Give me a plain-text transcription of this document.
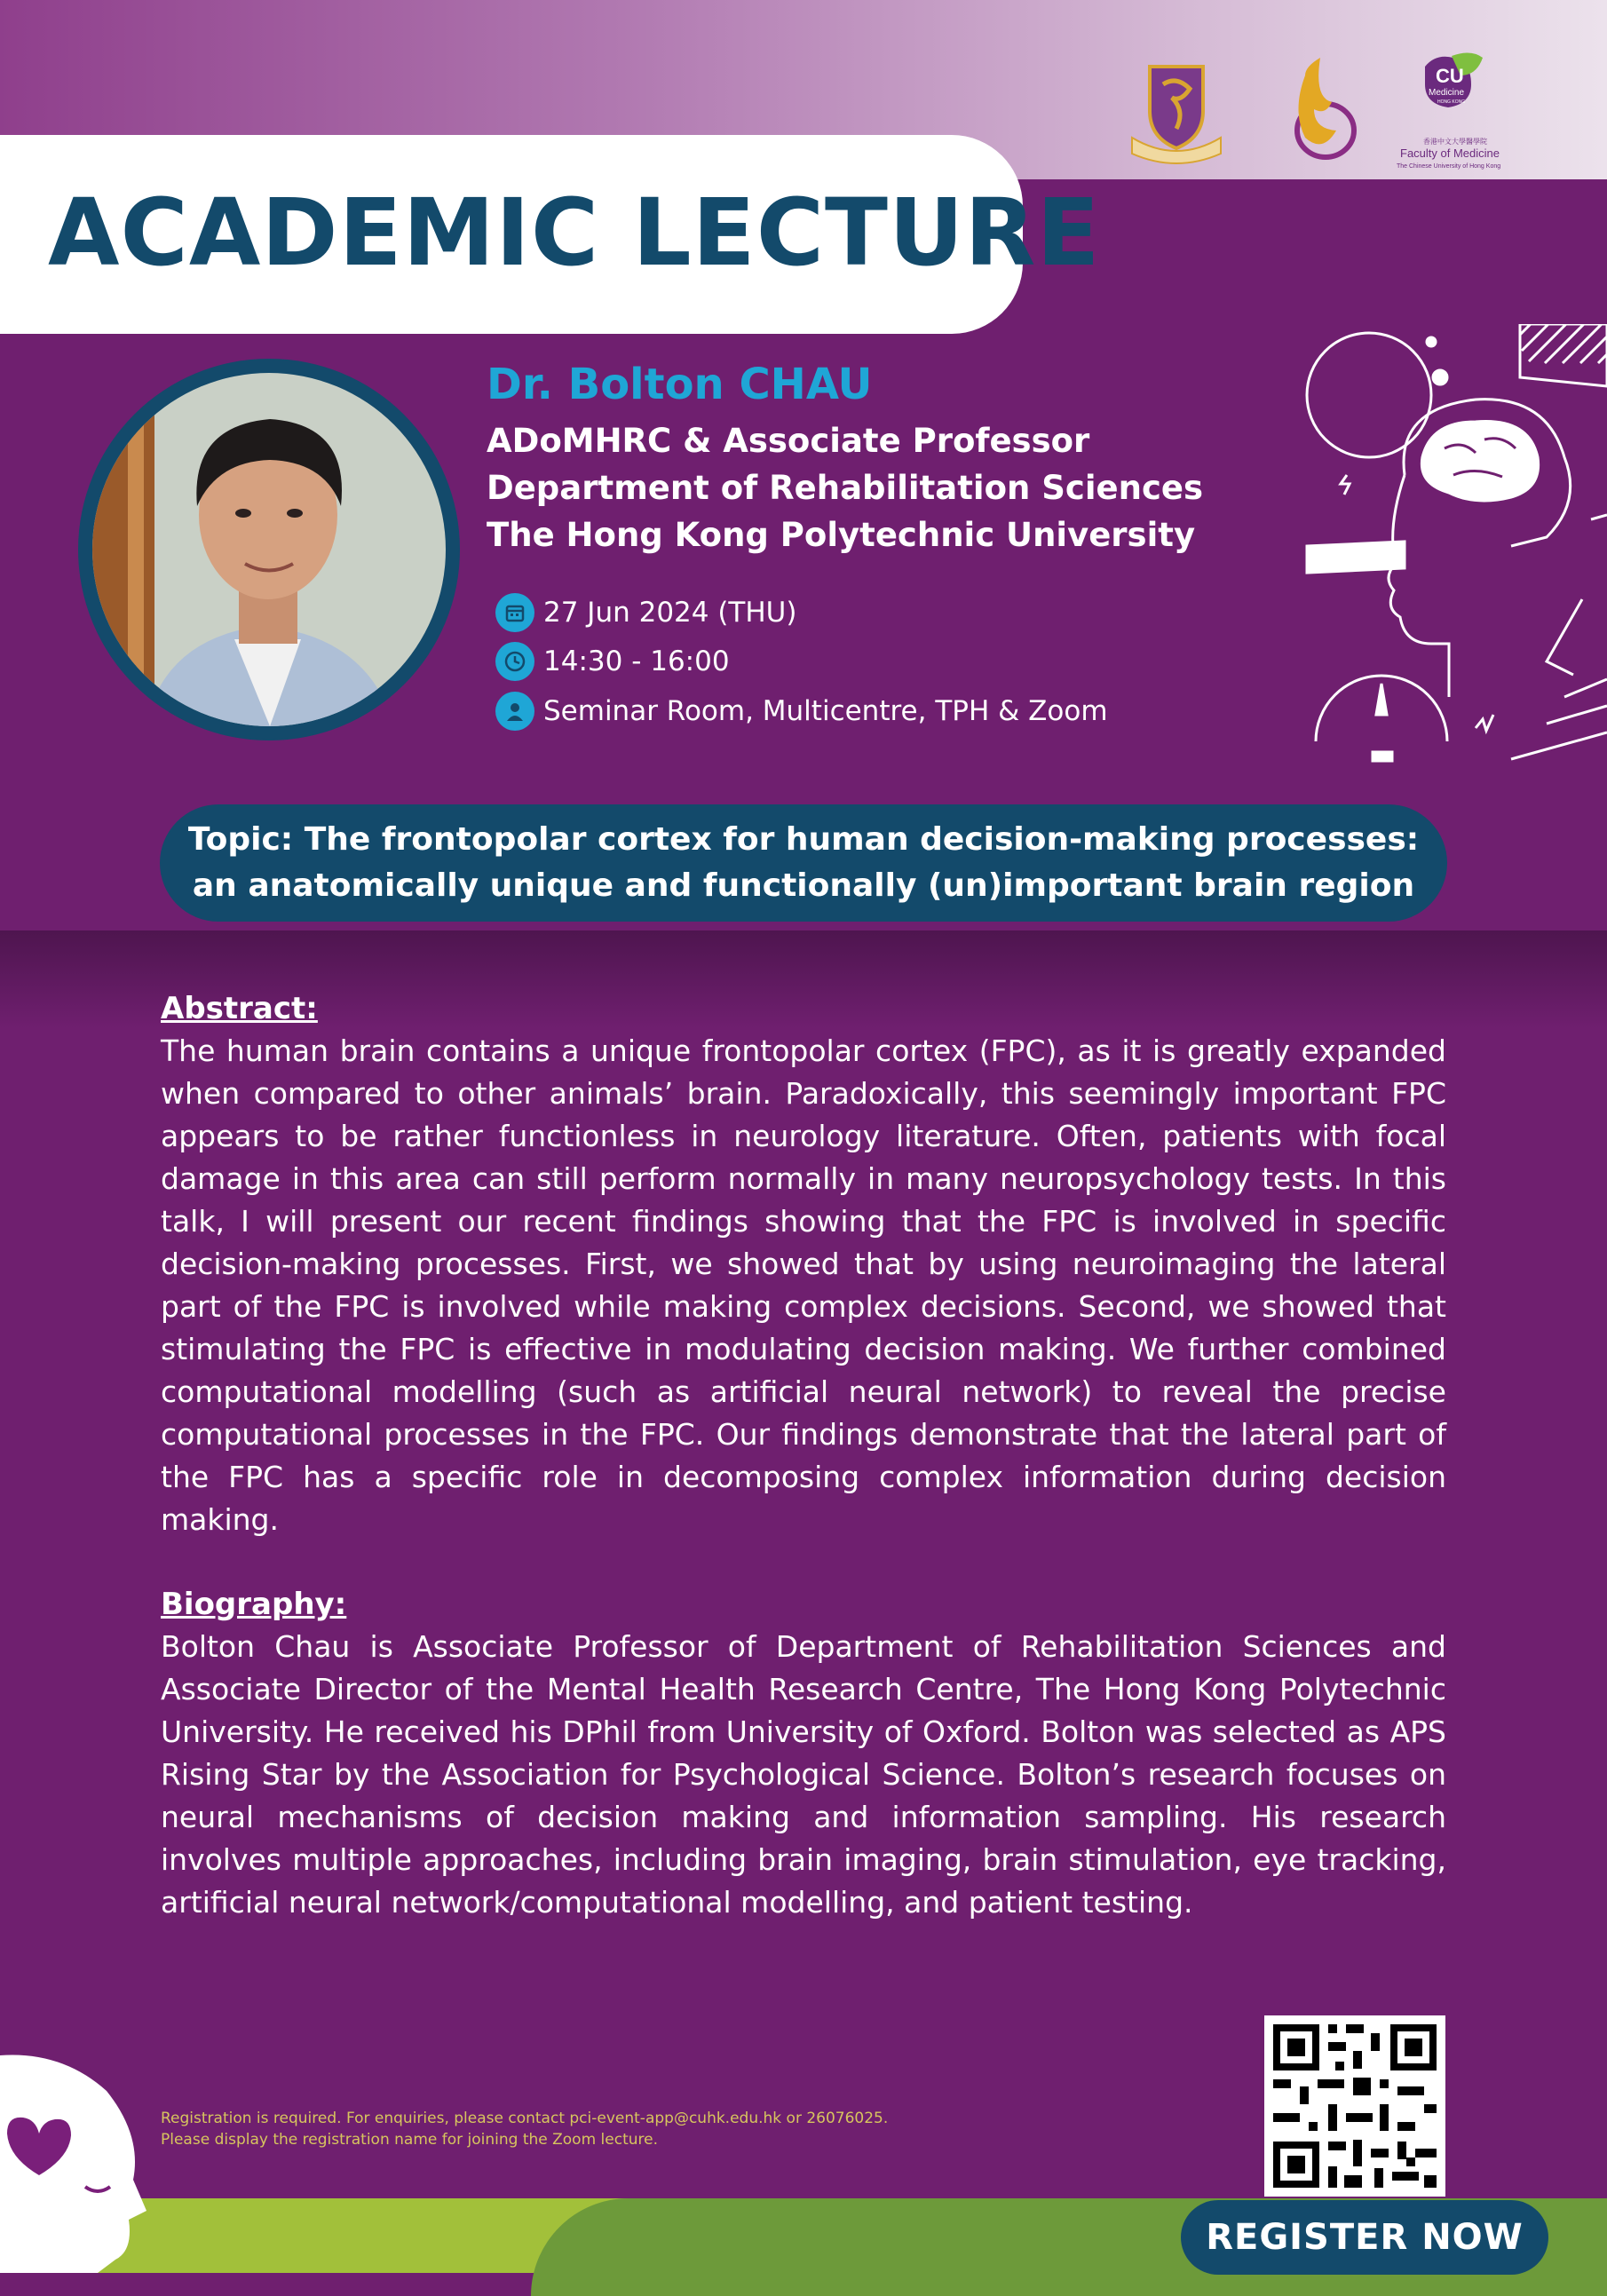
CU
Medicine
HONG KONG
香港中文大學醫學院
Faculty of Medicine
The Chinese University of Hong Kong
ACADEMIC LECTURE
Dr. Bolton CHAU
ADoMHRC & Associate Professor
Department of Rehabilitation Sciences
The Hong Kong Polytechnic University
27 Jun 2024 (THU)
14:30 - 16:00
Seminar Room, Multicentre, TPH & Zoom
Topic: The frontopolar cortex for human decision-making processes:
an anatomically unique and functionally (un)important brain region
Abstract:
The human brain contains a unique frontopolar cortex (FPC), as it is greatly expanded when compared to other animals’ brain. Paradoxically, this seemingly important FPC appears to be rather functionless in neurology literature. Often, patients with focal damage in this area can still perform normally in many neuropsychology tests. In this talk, I will present our recent findings showing that the FPC is involved in specific decision-making processes. First, we showed that by using neuroimaging the lateral part of the FPC is involved while making complex decisions. Second, we showed that stimulating the FPC is effective in modulating decision making. We further combined computational modelling (such as artificial neural network) to reveal the precise computational processes in the FPC. Our findings demonstrate that the lateral part of the FPC has a specific role in decomposing complex information during decision making.
Biography:
Bolton Chau is Associate Professor of Department of Rehabilitation Sciences and Associate Director of the Mental Health Research Centre, The Hong Kong Polytechnic University. He received his DPhil from University of Oxford. Bolton was selected as APS Rising Star by the Association for Psychological Science. Bolton’s research focuses on neural mechanisms of decision making and information sampling. His research involves multiple approaches, including brain imaging, brain stimulation, eye tracking, artificial neural network/computational modelling, and patient testing.
Registration is required. For enquiries, please contact pci-event-app@cuhk.edu.hk or 26076025.
Please display the registration name for joining the Zoom lecture.
REGISTER NOW
